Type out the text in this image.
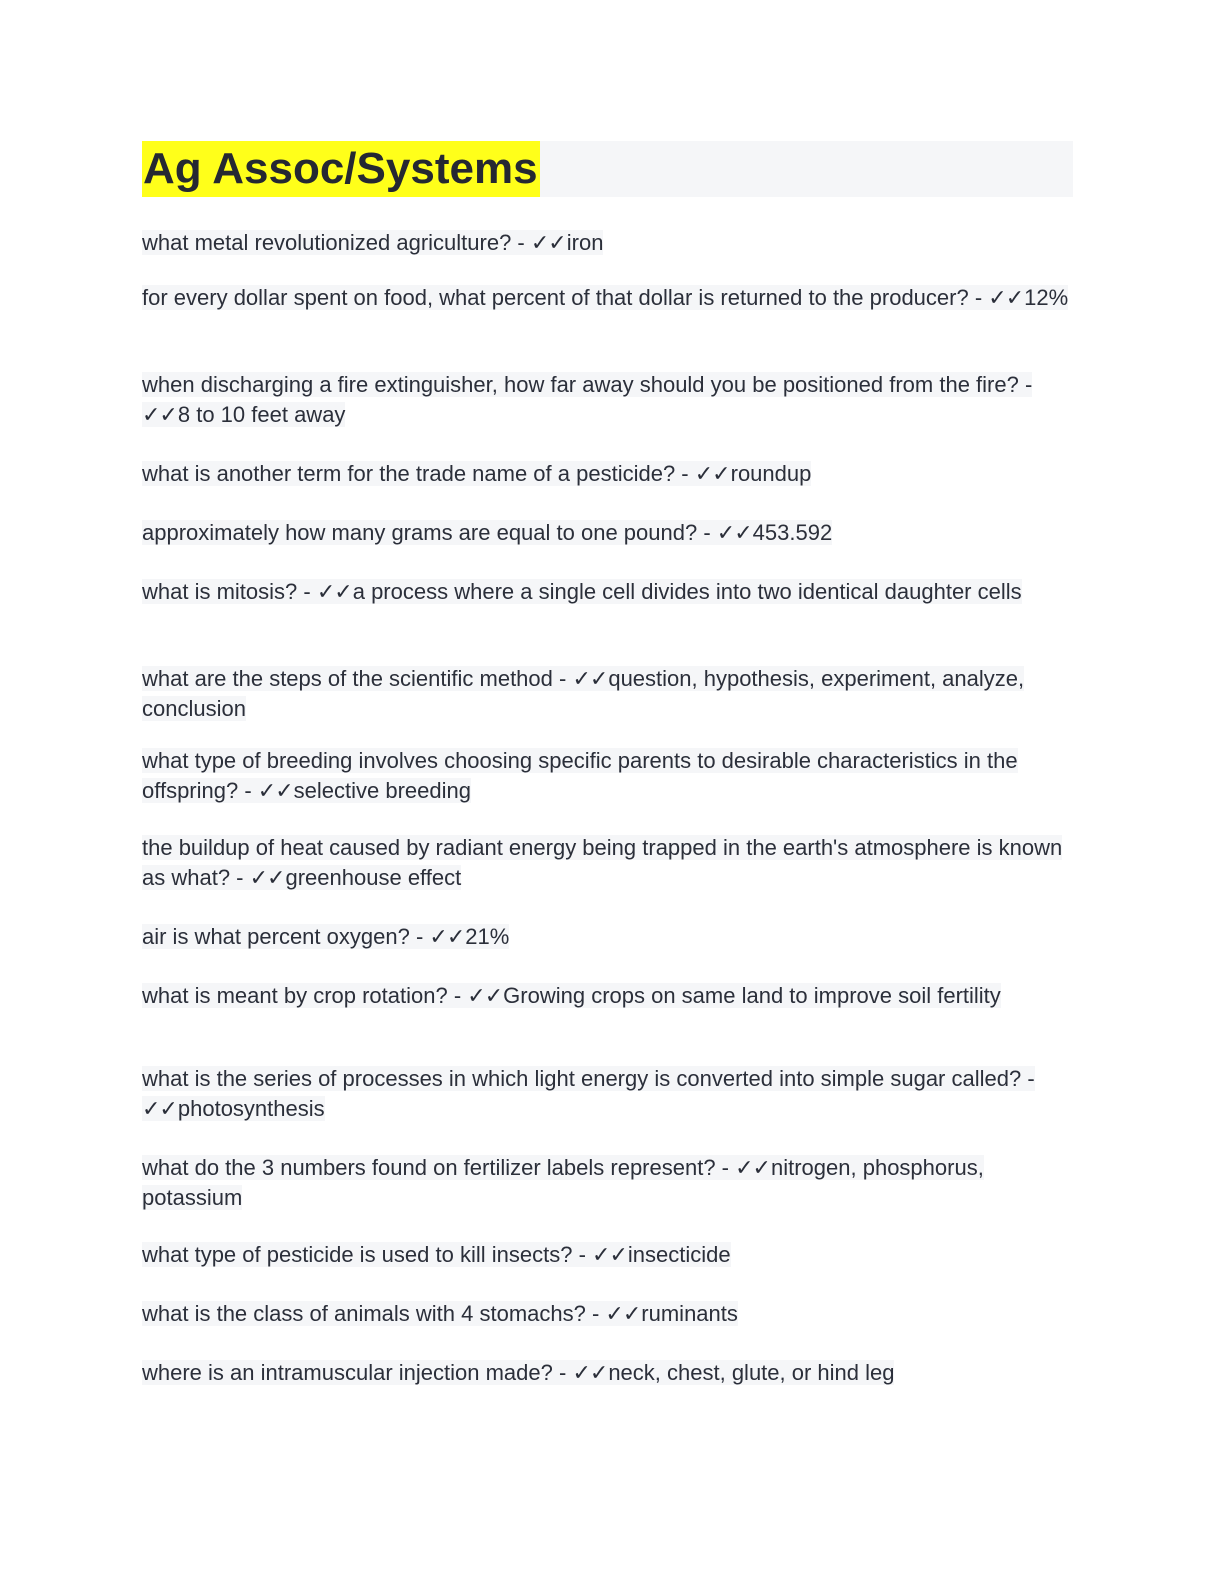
Ag Assoc/Systems

what metal revolutionized agriculture? - ✓✓iron

for every dollar spent on food, what percent of that dollar is returned to the producer? - ✓✓12%

when discharging a fire extinguisher, how far away should you be positioned from the fire? - ✓✓8 to 10 feet away

what is another term for the trade name of a pesticide? - ✓✓roundup

approximately how many grams are equal to one pound? - ✓✓453.592

what is mitosis? - ✓✓a process where a single cell divides into two identical daughter cells

what are the steps of the scientific method - ✓✓question, hypothesis, experiment, analyze, conclusion

what type of breeding involves choosing specific parents to desirable characteristics in the offspring? - ✓✓selective breeding

the buildup of heat caused by radiant energy being trapped in the earth's atmosphere is known as what? - ✓✓greenhouse effect

air is what percent oxygen? - ✓✓21%

what is meant by crop rotation? - ✓✓Growing crops on same land to improve soil fertility

what is the series of processes in which light energy is converted into simple sugar called? - ✓✓photosynthesis

what do the 3 numbers found on fertilizer labels represent? - ✓✓nitrogen, phosphorus, potassium

what type of pesticide is used to kill insects? - ✓✓insecticide

what is the class of animals with 4 stomachs? - ✓✓ruminants

where is an intramuscular injection made? - ✓✓neck, chest, glute, or hind leg
